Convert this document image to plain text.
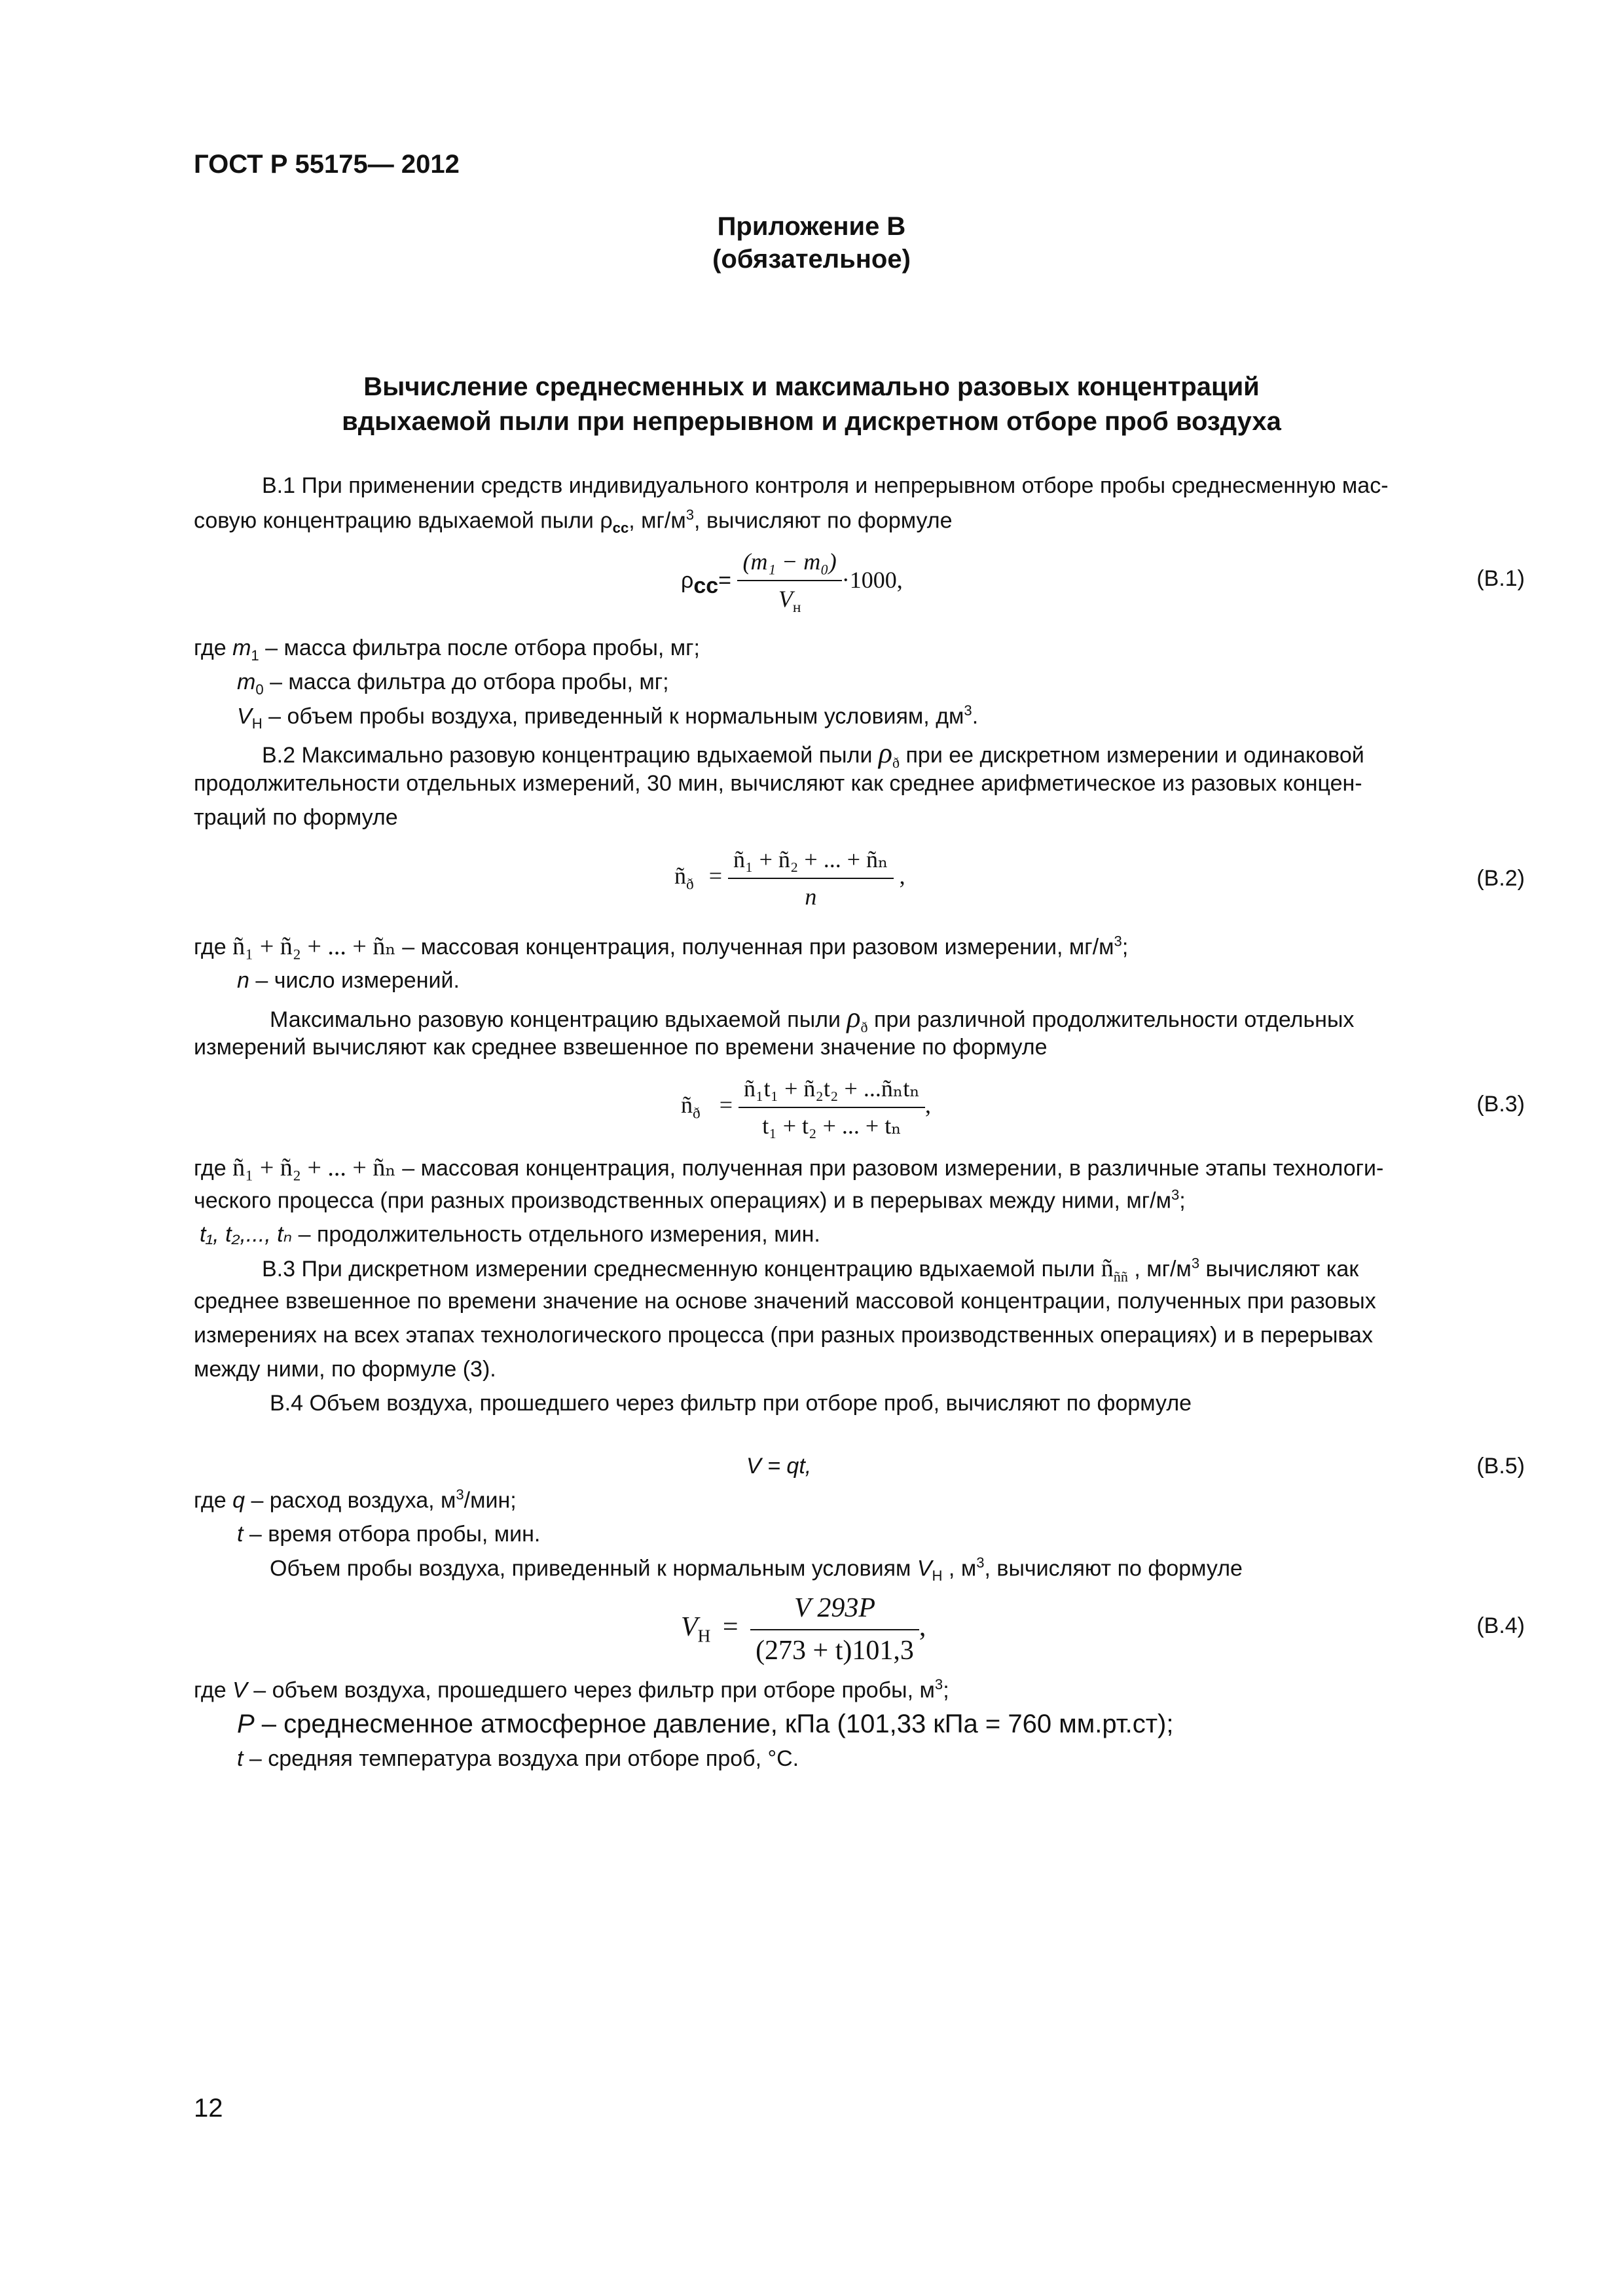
ГОСТ Р 55175— 2012
Приложение В
(обязательное)
Вычисление среднесменных и максимально разовых концентраций
вдыхаемой пыли при непрерывном и дискретном отборе проб воздуха
В.1 При применении средств индивидуального контроля и непрерывном отборе пробы среднесменную мас-
совую концентрацию вдыхаемой пыли $\rho_{сс}$, $мг/м^3$, вычисляют по формуле
$\rho_{сс}= \frac{\text{(m₁ − m₀)}}{V_н} \cdot 1000$,	(В.1)
где $m_1$ – масса фильтра после отбора пробы, мг;
$m_0$ – масса фильтра до отбора пробы, мг;
$V_Н$ – объем пробы воздуха, приведенный к нормальным условиям, $дм^3$.
В.2 Максимально разовую концентрацию вдыхаемой пыли $\rho_ð$ при ее дискретном измерении и одинаковой
продолжительности отдельных измерений, 30 мин, вычисляют как среднее арифметическое из разовых концен-
траций по формуле
$ñ_ð = \frac{\text{ñ₁ + ñ₂ + ... + ñₙ}}{n}$ ,	(В.2)
где ñ₁ + ñ₂ + ... + ñₙ – массовая концентрация, полученная при разовом измерении, $мг/м^3$;
n – число измерений.
Максимально разовую концентрацию вдыхаемой пыли $\rho_ð$ при различной продолжительности отдельных
измерений вычисляют как среднее взвешенное по времени значение по формуле
$ñ_ð = \frac{\text{ñ₁t₁ + ñ₂t₂ + ...ñₙtₙ}}{\text{t₁ + t₂ + ... + tₙ}}$ ,	(В.3)
где ñ₁ + ñ₂ + ... + ñₙ – массовая концентрация, полученная при разовом измерении, в различные этапы технологи-
ческого процесса (при разных производственных операциях) и в перерывах между ними, $мг/м^3$;
t₁, t₂,..., tₙ – продолжительность отдельного измерения, мин.
В.3 При дискретном измерении среднесменную концентрацию вдыхаемой пыли $ñ_{ññ}$ , $мг/м^3$ вычисляют как
среднее взвешенное по времени значение на основе значений массовой концентрации, полученных при разовых
измерениях на всех этапах технологического процесса (при разных производственных операциях) и в перерывах
между ними, по формуле (3).
В.4 Объем воздуха, прошедшего через фильтр при отборе проб, вычисляют по формуле
V = qt,	(В.5)
где q – расход воздуха, $м^3$/мин;
t – время отбора пробы, мин.
Объем пробы воздуха, приведенный к нормальным условиям $V_Н$ , $м^3$, вычисляют по формуле
$V_Н = \frac{V 293P}{(273 + t)101,3}$ ,	(В.4)
где V – объем воздуха, прошедшего через фильтр при отборе пробы, $м^3$;
P – среднесменное атмосферное давление, кПа (101,33 кПа = 760 мм.рт.ст);
t – средняя температура воздуха при отборе проб, °С.
12
